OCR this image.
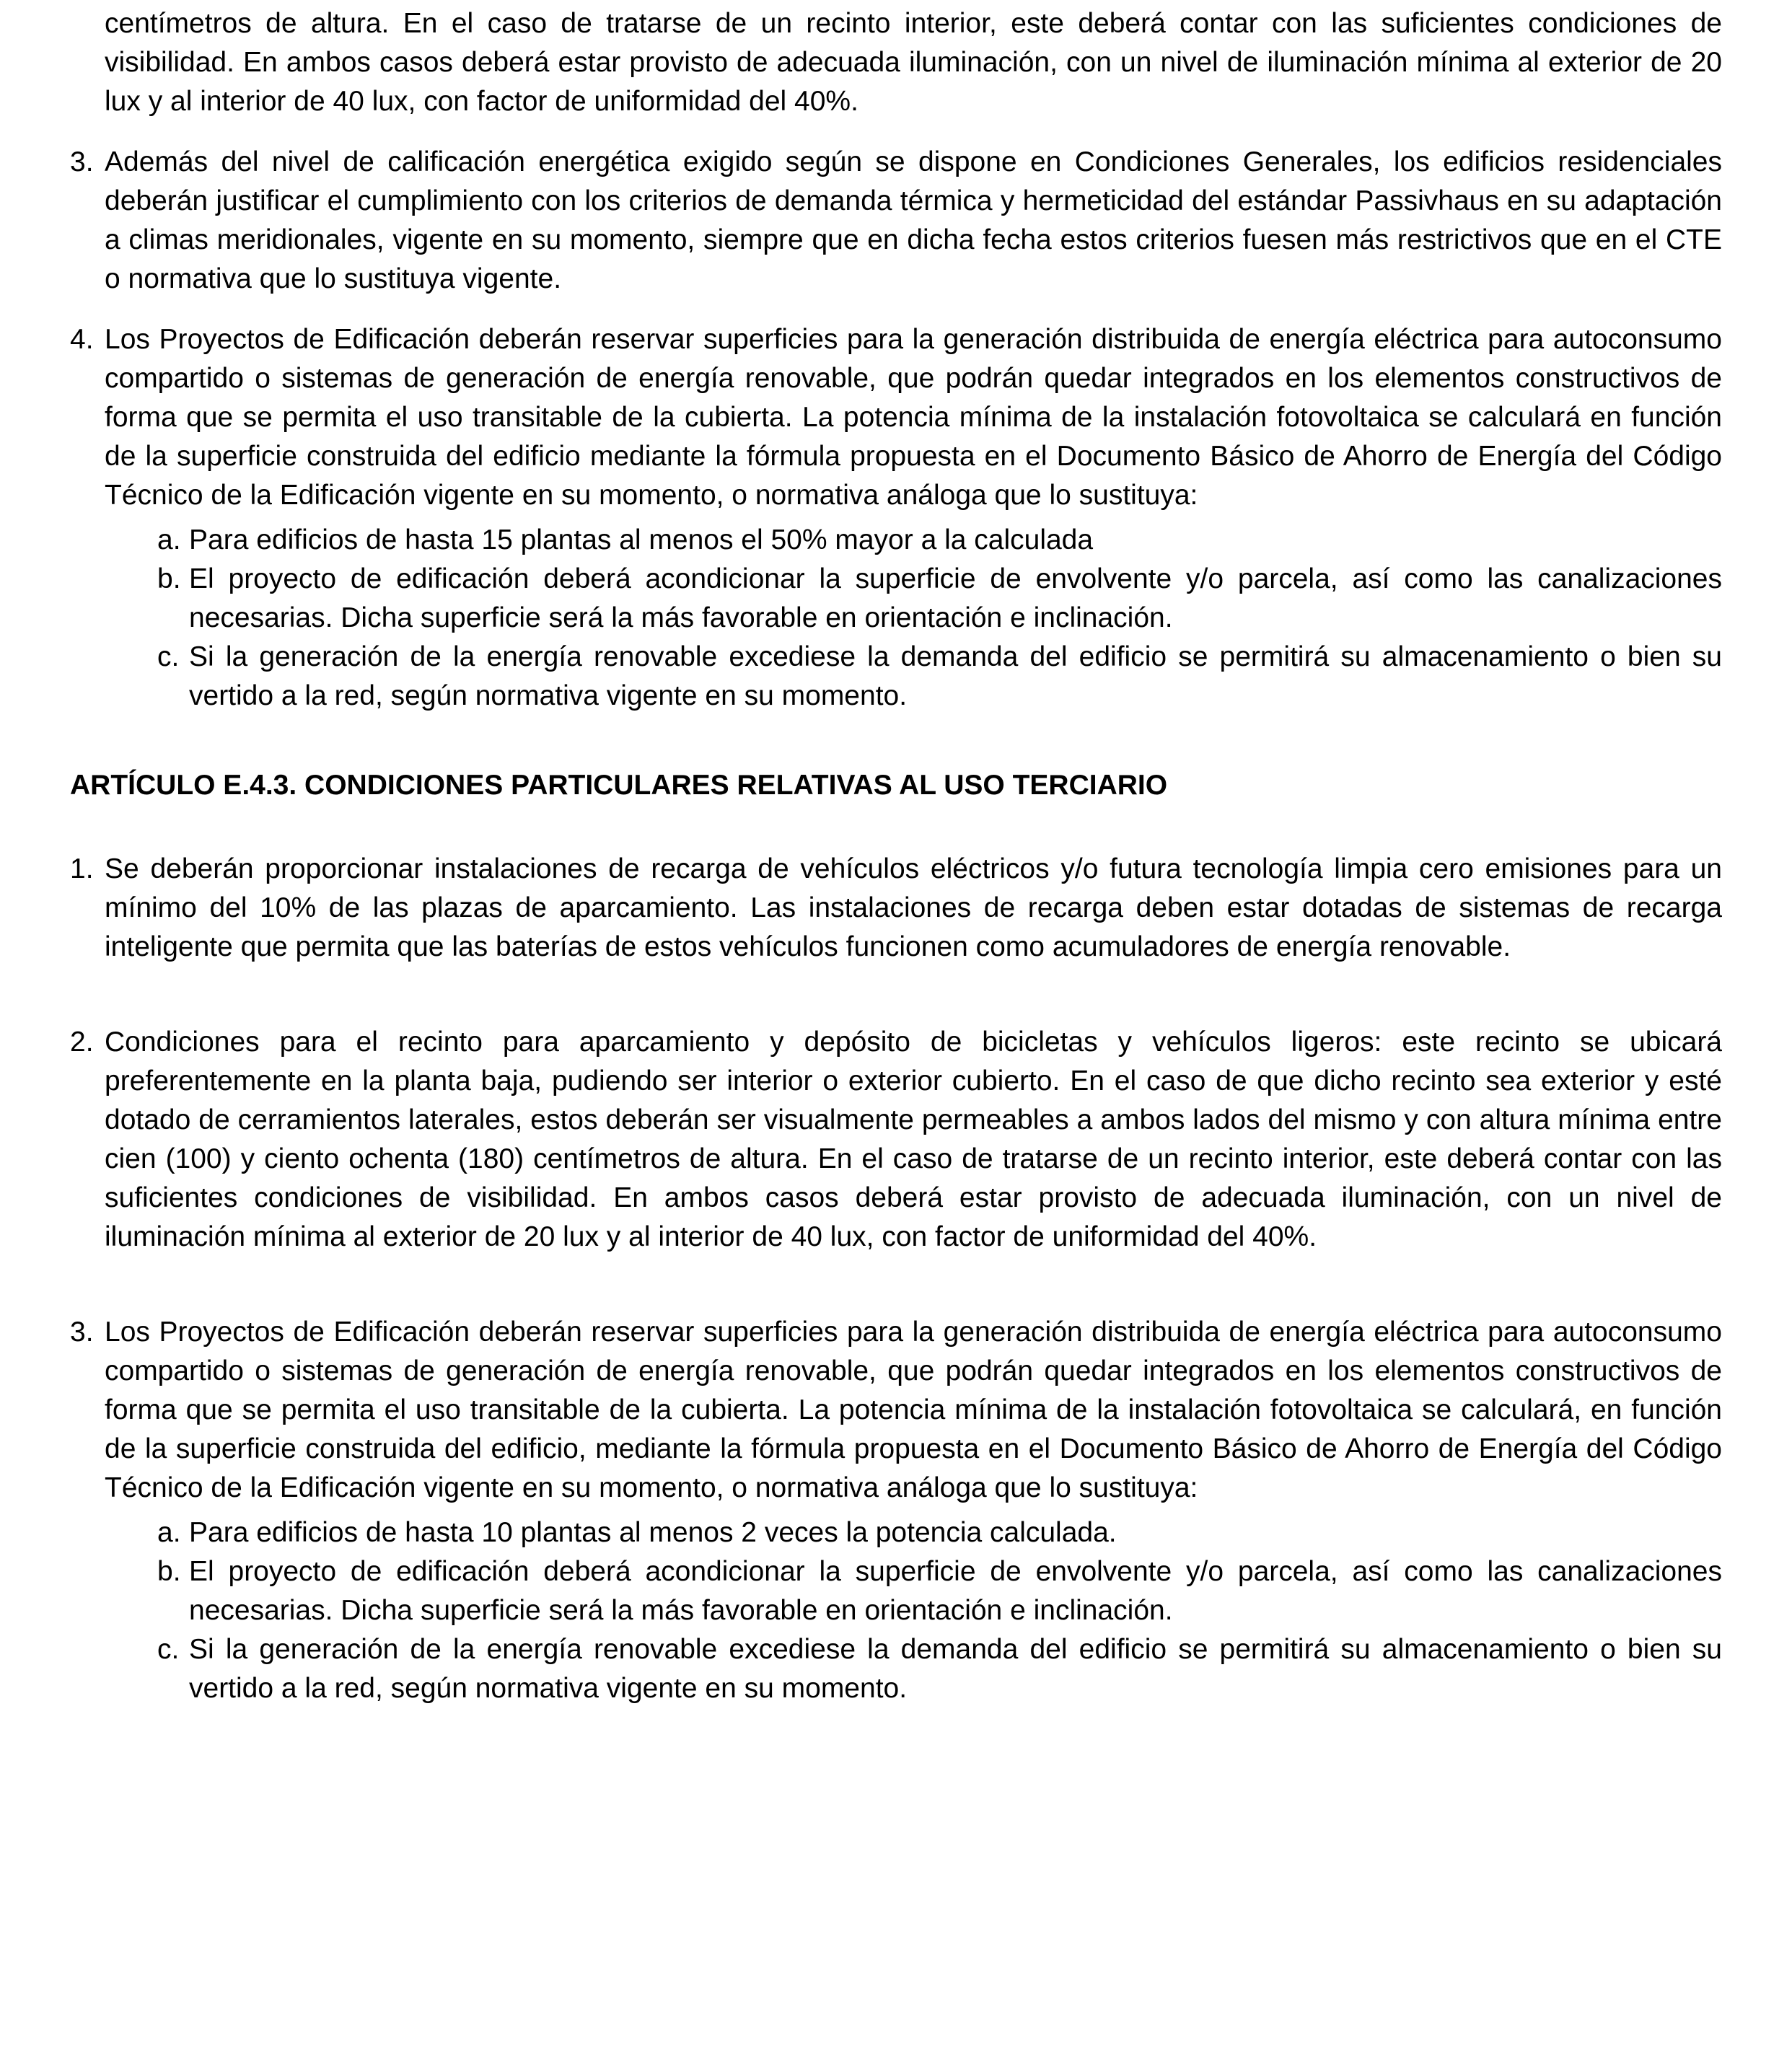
centímetros de altura. En el caso de tratarse de un recinto interior, este deberá contar con las suficientes condiciones de visibilidad. En ambos casos deberá estar provisto de adecuada iluminación, con un nivel de iluminación mínima al exterior de 20 lux y al interior de 40 lux, con factor de uniformidad del 40%.

3. Además del nivel de calificación energética exigido según se dispone en Condiciones Generales, los edificios residenciales deberán justificar el cumplimiento con los criterios de demanda térmica y hermeticidad del estándar Passivhaus en su adaptación a climas meridionales, vigente en su momento, siempre que en dicha fecha estos criterios fuesen más restrictivos que en el CTE o normativa que lo sustituya vigente.
4. Los Proyectos de Edificación deberán reservar superficies para la generación distribuida de energía eléctrica para autoconsumo compartido o sistemas de generación de energía renovable, que podrán quedar integrados en los elementos constructivos de forma que se permita el uso transitable de la cubierta. La potencia mínima de la instalación fotovoltaica se calculará en función de la superficie construida del edificio mediante la fórmula propuesta en el Documento Básico de Ahorro de Energía del Código Técnico de la Edificación vigente en su momento, o normativa análoga que lo sustituya:
a. Para edificios de hasta 15 plantas al menos el 50% mayor a la calculada
b. El proyecto de edificación deberá acondicionar la superficie de envolvente y/o parcela, así como las canalizaciones necesarias. Dicha superficie será la más favorable en orientación e inclinación.
c. Si la generación de la energía renovable excediese la demanda del edificio se permitirá su almacenamiento o bien su vertido a la red, según normativa vigente en su momento.
ARTÍCULO E.4.3. CONDICIONES PARTICULARES RELATIVAS AL USO TERCIARIO
1. Se deberán proporcionar instalaciones de recarga de vehículos eléctricos y/o futura tecnología limpia cero emisiones para un mínimo del 10% de las plazas de aparcamiento. Las instalaciones de recarga deben estar dotadas de sistemas de recarga inteligente que permita que las baterías de estos vehículos funcionen como acumuladores de energía renovable.
2. Condiciones para el recinto para aparcamiento y depósito de bicicletas y vehículos ligeros: este recinto se ubicará preferentemente en la planta baja, pudiendo ser interior o exterior cubierto. En el caso de que dicho recinto sea exterior y esté dotado de cerramientos laterales, estos deberán ser visualmente permeables a ambos lados del mismo y con altura mínima entre cien (100) y ciento ochenta (180) centímetros de altura. En el caso de tratarse de un recinto interior, este deberá contar con las suficientes condiciones de visibilidad. En ambos casos deberá estar provisto de adecuada iluminación, con un nivel de iluminación mínima al exterior de 20 lux y al interior de 40 lux, con factor de uniformidad del 40%.
3. Los Proyectos de Edificación deberán reservar superficies para la generación distribuida de energía eléctrica para autoconsumo compartido o sistemas de generación de energía renovable, que podrán quedar integrados en los elementos constructivos de forma que se permita el uso transitable de la cubierta. La potencia mínima de la instalación fotovoltaica se calculará, en función de la superficie construida del edificio, mediante la fórmula propuesta en el Documento Básico de Ahorro de Energía del Código Técnico de la Edificación vigente en su momento, o normativa análoga que lo sustituya:
a. Para edificios de hasta 10 plantas al menos 2 veces la potencia calculada.
b. El proyecto de edificación deberá acondicionar la superficie de envolvente y/o parcela, así como las canalizaciones necesarias. Dicha superficie será la más favorable en orientación e inclinación.
c. Si la generación de la energía renovable excediese la demanda del edificio se permitirá su almacenamiento o bien su vertido a la red, según normativa vigente en su momento.
